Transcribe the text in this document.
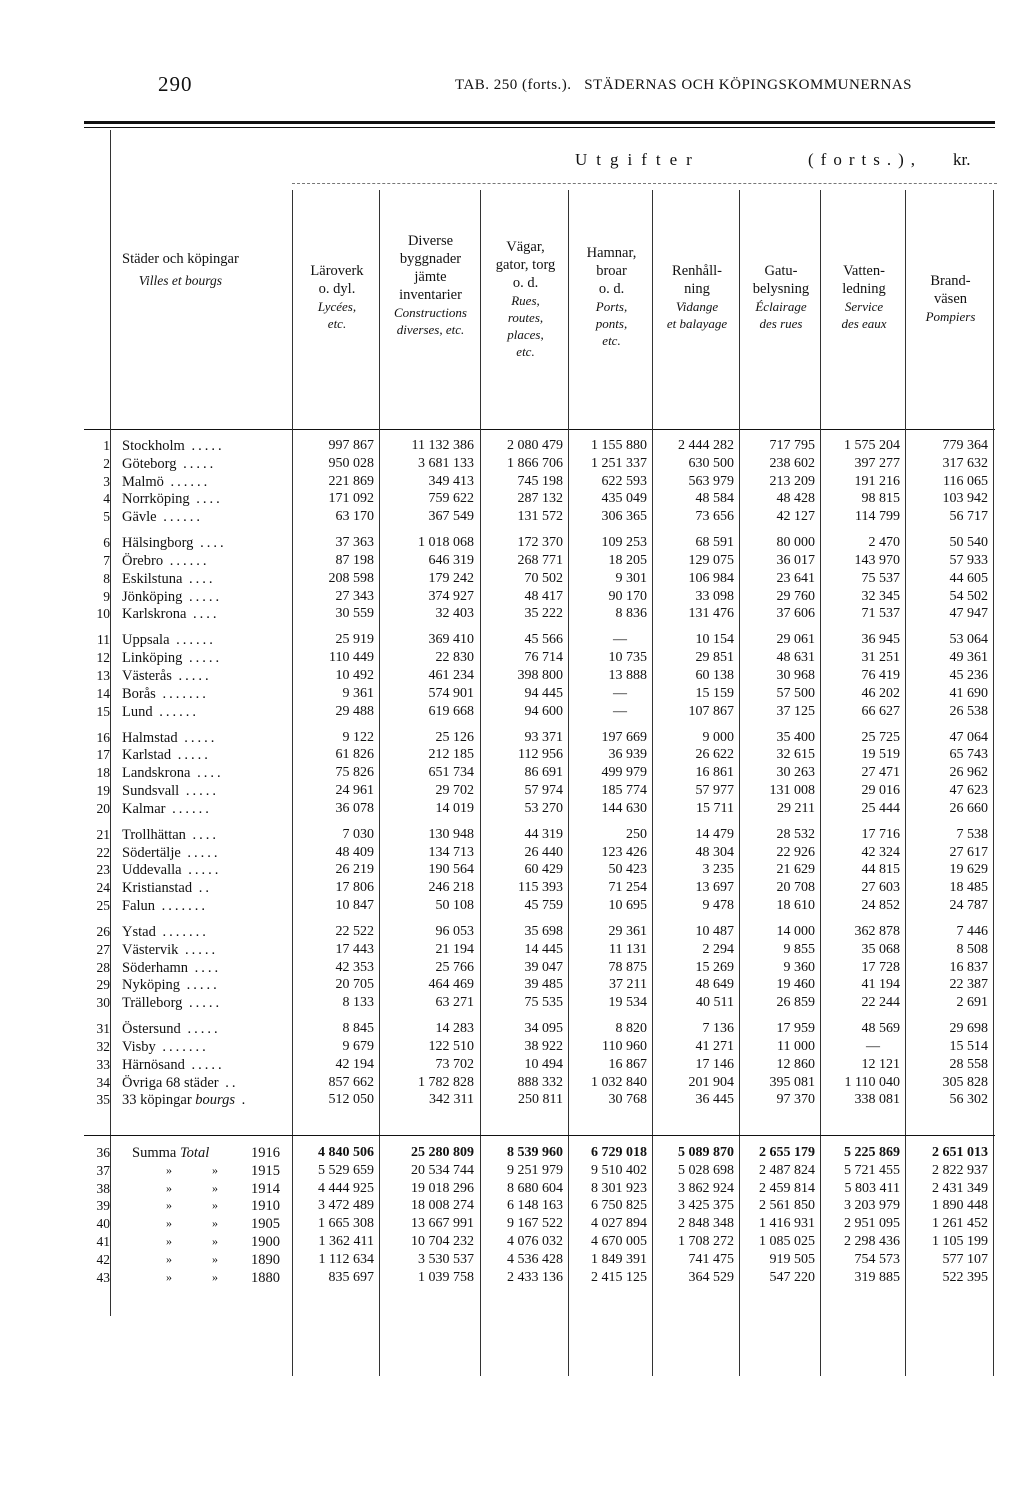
290	TAB. 250 (forts.). STÄDERNAS OCH KÖPINGSKOMMUNERNAS
Utgifter	(forts.), kr.
Städer och köpingar
Villes et bourgs
Läroverk
o. dyl.
Lycées,
etc.
Diverse
byggnader
jämte
inventarier
Constructions
diverses, etc.
Vägar,
gator, torg
o. d.
Rues,
routes,
places,
etc.
Hamnar,
broar
o. d.
Ports,
ponts,
etc.
Renhåll-
ning
Vidange
et balayage
Gatu-
belysning
Éclairage
des rues
Vatten-
ledning
Service
des eaux
Brand-
väsen
Pompiers
1 Stockholm .....	997 867	11 132 386	2 080 479	1 155 880	2 444 282	717 795	1 575 204	779 364
2 Göteborg .....	950 028	3 681 133	1 866 706	1 251 337	630 500	238 602	397 277	317 632
3 Malmö ......	221 869	349 413	745 198	622 593	563 979	213 209	191 216	116 065
4 Norrköping ....	171 092	759 622	287 132	435 049	48 584	48 428	98 815	103 942
5 Gävle ......	63 170	367 549	131 572	306 365	73 656	42 127	114 799	56 717
6 Hälsingborg ....	37 363	1 018 068	172 370	109 253	68 591	80 000	2 470	50 540
7 Örebro ......	87 198	646 319	268 771	18 205	129 075	36 017	143 970	57 933
8 Eskilstuna ....	208 598	179 242	70 502	9 301	106 984	23 641	75 537	44 605
9 Jönköping .....	27 343	374 927	48 417	90 170	33 098	29 760	32 345	54 502
10 Karlskrona ....	30 559	32 403	35 222	8 836	131 476	37 606	71 537	47 947
11 Uppsala ......	25 919	369 410	45 566	—	10 154	29 061	36 945	53 064
12 Linköping .....	110 449	22 830	76 714	10 735	29 851	48 631	31 251	49 361
13 Västerås .....	10 492	461 234	398 800	13 888	60 138	30 968	76 419	45 236
14 Borås .......	9 361	574 901	94 445	—	15 159	57 500	46 202	41 690
15 Lund ......	29 488	619 668	94 600	—	107 867	37 125	66 627	26 538
16 Halmstad .....	9 122	25 126	93 371	197 669	9 000	35 400	25 725	47 064
17 Karlstad .....	61 826	212 185	112 956	36 939	26 622	32 615	19 519	65 743
18 Landskrona ....	75 826	651 734	86 691	499 979	16 861	30 263	27 471	26 962
19 Sundsvall .....	24 961	29 702	57 974	185 774	57 977	131 008	29 016	47 623
20 Kalmar ......	36 078	14 019	53 270	144 630	15 711	29 211	25 444	26 660
21 Trollhättan ....	7 030	130 948	44 319	250	14 479	28 532	17 716	7 538
22 Södertälje .....	48 409	134 713	26 440	123 426	48 304	22 926	42 324	27 617
23 Uddevalla .....	26 219	190 564	60 429	50 423	3 235	21 629	44 815	19 629
24 Kristianstad ..	17 806	246 218	115 393	71 254	13 697	20 708	27 603	18 485
25 Falun .......	10 847	50 108	45 759	10 695	9 478	18 610	24 852	24 787
26 Ystad .......	22 522	96 053	35 698	29 361	10 487	14 000	362 878	7 446
27 Västervik .....	17 443	21 194	14 445	11 131	2 294	9 855	35 068	8 508
28 Söderhamn ....	42 353	25 766	39 047	78 875	15 269	9 360	17 728	16 837
29 Nyköping .....	20 705	464 469	39 485	37 211	48 649	19 460	41 194	22 387
30 Trälleborg .....	8 133	63 271	75 535	19 534	40 511	26 859	22 244	2 691
31 Östersund .....	8 845	14 283	34 095	8 820	7 136	17 959	48 569	29 698
32 Visby .......	9 679	122 510	38 922	110 960	41 271	11 000	—	15 514
33 Härnösand .....	42 194	73 702	10 494	16 867	17 146	12 860	12 121	28 558
34 Övriga 68 städer ..	857 662	1 782 828	888 332	1 032 840	201 904	395 081	1 110 040	305 828
35 33 köpingar bourgs .	512 050	342 311	250 811	30 768	36 445	97 370	338 081	56 302
36 Summa Total	1916	4 840 506	25 280 809	8 539 960	6 729 018	5 089 870	2 655 179	5 225 869	2 651 013
37	»	»	1915	5 529 659	20 534 744	9 251 979	9 510 402	5 028 698	2 487 824	5 721 455	2 822 937
38	»	»	1914	4 444 925	19 018 296	8 680 604	8 301 923	3 862 924	2 459 814	5 803 411	2 431 349
39	»	»	1910	3 472 489	18 008 274	6 148 163	6 750 825	3 425 375	2 561 850	3 203 979	1 890 448
40	»	»	1905	1 665 308	13 667 991	9 167 522	4 027 894	2 848 348	1 416 931	2 951 095	1 261 452
41	»	»	1900	1 362 411	10 704 232	4 076 032	4 670 005	1 708 272	1 085 025	2 298 436	1 105 199
42	»	»	1890	1 112 634	3 530 537	4 536 428	1 849 391	741 475	919 505	754 573	577 107
43	»	»	1880	835 697	1 039 758	2 433 136	2 415 125	364 529	547 220	319 885	522 395
